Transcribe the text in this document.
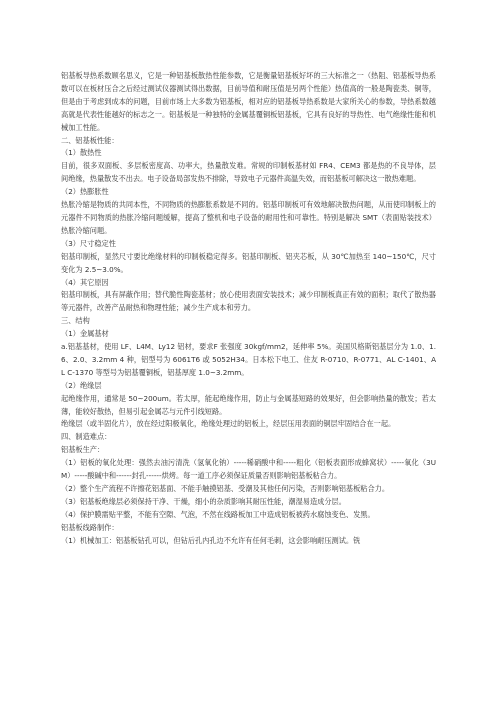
铝基板导热系数顾名思义，它是一种铝基板散热性能参数，它是衡量铝基板好坏的三大标准之一（热阻、铝基板导热系数可以在板材压合之后经过测试仪器测试得出数据，目前导值和耐压值是另两个性能）热值高的一般是陶瓷类、铜等，但是由于考虑到成本的问题，目前市场上大多数为铝基板，相对应的铝基板导热系数是大家所关心的参数，导热系数越高就是代表性能越好的标志之一。铝基板是一种独特的金属基覆铜板铝基板，它具有良好的导热性、电气绝缘性能和机械加工性能。

二、铝基板性能：

（1）散热性

目前，很多双面板、多层板密度高、功率大，热量散发难。常规的印制板基材如 FR4、CEM3 都是热的不良导体，层间绝缘，热量散发不出去。电子设备局部发热不排除，导致电子元器件高温失效，而铝基板可解决这一散热难题。

（2）热膨胀性

热胀冷缩是物质的共同本性，不同物质的热膨胀系数是不同的。铝基印制板可有效地解决散热问题，从而使印制板上的元器件不同物质的热胀冷缩问题缓解，提高了整机和电子设备的耐用性和可靠性。特别是解决 SMT（表面贴装技术）热胀冷缩问题。

（3）尺寸稳定性

铝基印制板，显然尺寸要比绝缘材料的印制板稳定得多。铝基印制板、铝夹芯板，从 30℃加热至 140~150℃，尺寸变化为 2.5~3.0%。

（4）其它原因

铝基印制板，具有屏蔽作用；替代脆性陶瓷基材；放心使用表面安装技术；减少印制板真正有效的面积；取代了散热器等元器件，改善产品耐热和物理性能；减少生产成本和劳力。

三、结构

（1）金属基材

a.铝基基材，使用 LF、L4M、Ly12 铝材，要求F 张强度 30kgf/mm2，延伸率 5%。美国贝格斯铝基层分为 1.0、1.6、2.0、3.2mm 4 种，铝型号为 6061T6 或 5052H34。日本松下电工、住友 R-0710、R-0771、AL C-1401、AL C-1370 等型号为铝基覆铜板，铝基厚度 1.0~3.2mm。

（2）绝缘层

起绝缘作用，通常是 50~200um。若太厚，能起绝缘作用，防止与金属基短路的效果好，但会影响热量的散发；若太薄，能较好散热，但易引起金属芯与元件引线短路。

绝缘层（或半固化片），放在经过阳极氧化，绝缘处理过的铝板上，经层压用表面的铜层牢固结合在一起。

四、制造难点：

铝基板生产：

（1）铝板的氧化处理：强然去油污清洗（氢氧化钠）-----稀硝酸中和-----粗化（铝板表面形成蜂窝状）-----氧化（3UM）-----酸碱中和------封孔------烘烤。每一道工序必须保证质量否则影响铝基板粘合力。

（2）整个生产流程不许擦花铝基面、不能手触摸铝基、受潮及其他任何污染，否则影响铝基板粘合力。

（3）铝基板绝缘层必须保持干净、干燥，细小的杂质影响其耐压性能，潮湿易造成分层。

（4）保护膜需贴平整，不能有空隙、气泡，不然在线路板加工中造成铝板被药水腐蚀变色、发黑。

铝基板线路制作：

（1）机械加工：铝基板钻孔可以，但钻后孔内孔边不允许有任何毛刺，这会影响耐压测试。铣
